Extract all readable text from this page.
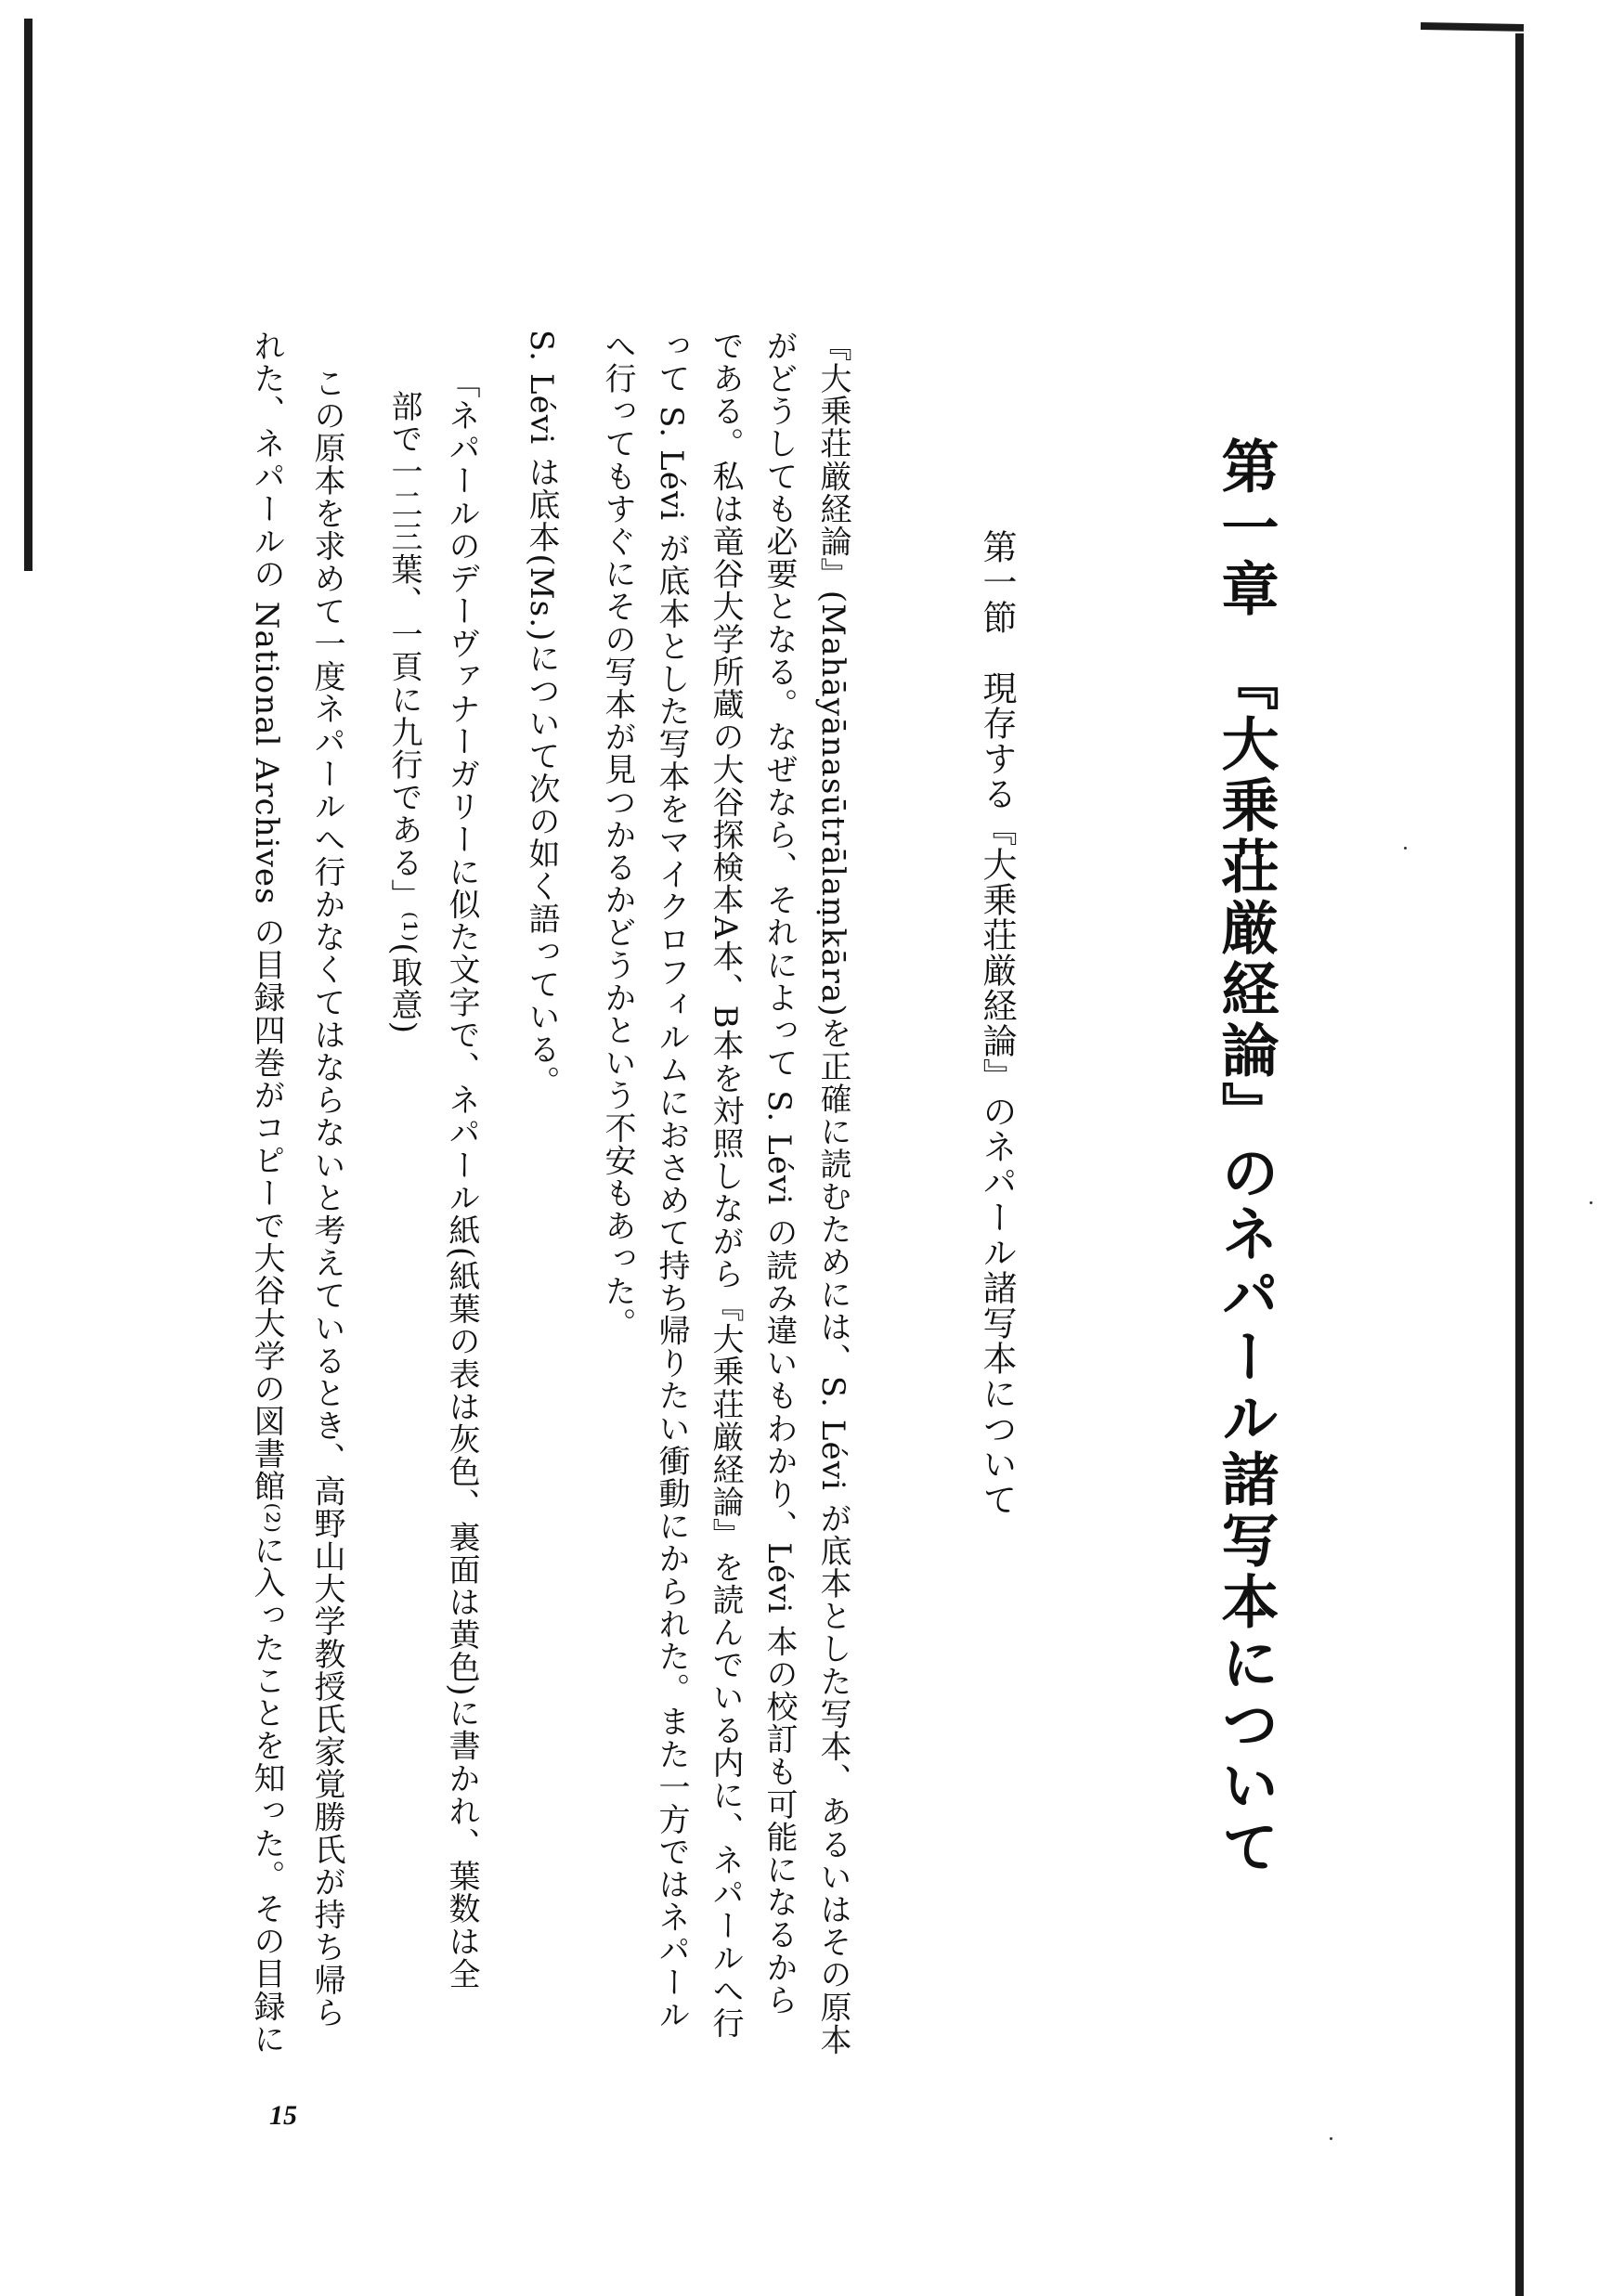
第一章　『大乗荘厳経論』のネパール諸写本について
第一節　現存する『大乗荘厳経論』のネパール諸写本について
『大乗荘厳経論』(Mahāyānasūtrālaṃkāra)を正確に読むためには、S. Lévi が底本とした写本、あるいはその原本
がどうしても必要となる。なぜなら、それによって S. Lévi の読み違いもわかり、Lévi 本の校訂も可能になるから
である。私は竜谷大学所蔵の大谷探検本A本、B本を対照しながら『大乗荘厳経論』を読んでいる内に、ネパールへ行
って S. Lévi が底本とした写本をマイクロフィルムにおさめて持ち帰りたい衝動にかられた。また一方ではネパール
へ行ってもすぐにその写本が見つかるかどうかという不安もあった。
S. Lévi は底本(Ms.)について次の如く語っている。
「ネパールのデーヴァナーガリーに似た文字で、ネパール紙(紙葉の表は灰色、裏面は黄色)に書かれ、葉数は全
部で一二三葉、一頁に九行である」⁽¹⁾(取意)
この原本を求めて一度ネパールへ行かなくてはならないと考えているとき、高野山大学教授氏家覚勝氏が持ち帰ら
れた、ネパールの National Archives の目録四巻がコピーで大谷大学の図書館⁽²⁾に入ったことを知った。その目録に
15
